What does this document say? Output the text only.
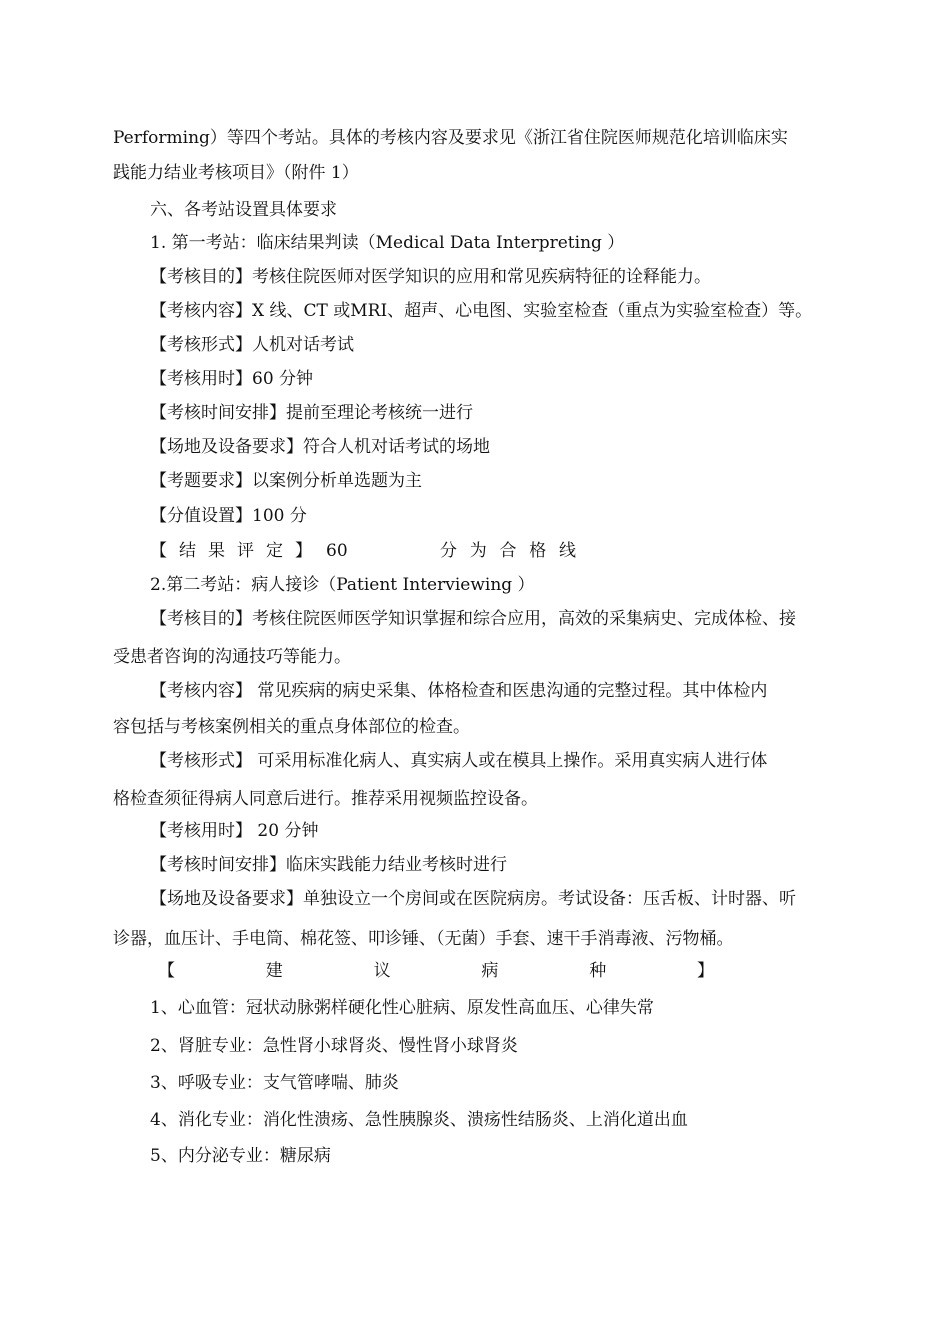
Performing）等四个考站。具体的考核内容及要求见《浙江省住院医师规范化培训临床实
践能力结业考核项目》（附件 1）
六、各考站设置具体要求
1. 第一考站：临床结果判读（Medical Data Interpreting ）
【考核目的】考核住院医师对医学知识的应用和常见疾病特征的诠释能力。
【考核内容】X 线、CT 或MRI、超声、心电图、实验室检查（重点为实验室检查）等。
【考核形式】人机对话考试
【考核用时】60 分钟
【考核时间安排】提前至理论考核统一进行
【场地及设备要求】符合人机对话考试的场地
【考题要求】以案例分析单选题为主
【分值设置】100 分
【 结 果 评 定 】 60	分 为 合 格 线
2.第二考站：病人接诊（Patient Interviewing ）
【考核目的】考核住院医师医学知识掌握和综合应用，高效的采集病史、完成体检、接
受患者咨询的沟通技巧等能力。
【考核内容】 常见疾病的病史采集、体格检查和医患沟通的完整过程。其中体检内
容包括与考核案例相关的重点身体部位的检查。
【考核形式】 可采用标准化病人、真实病人或在模具上操作。采用真实病人进行体
格检查须征得病人同意后进行。推荐采用视频监控设备。
【考核用时】 20 分钟
【考核时间安排】临床实践能力结业考核时进行
【场地及设备要求】单独设立一个房间或在医院病房。考试设备：压舌板、计时器、听
诊器，血压计、手电筒、棉花签、叩诊锤、（无菌）手套、速干手消毒液、污物桶。
【	建	议	病	种	】
1、心血管：冠状动脉粥样硬化性心脏病、原发性高血压、心律失常
2、肾脏专业：急性肾小球肾炎、慢性肾小球肾炎
3、呼吸专业：支气管哮喘、肺炎
4、消化专业：消化性溃疡、急性胰腺炎、溃疡性结肠炎、上消化道出血
5、内分泌专业：糖尿病
